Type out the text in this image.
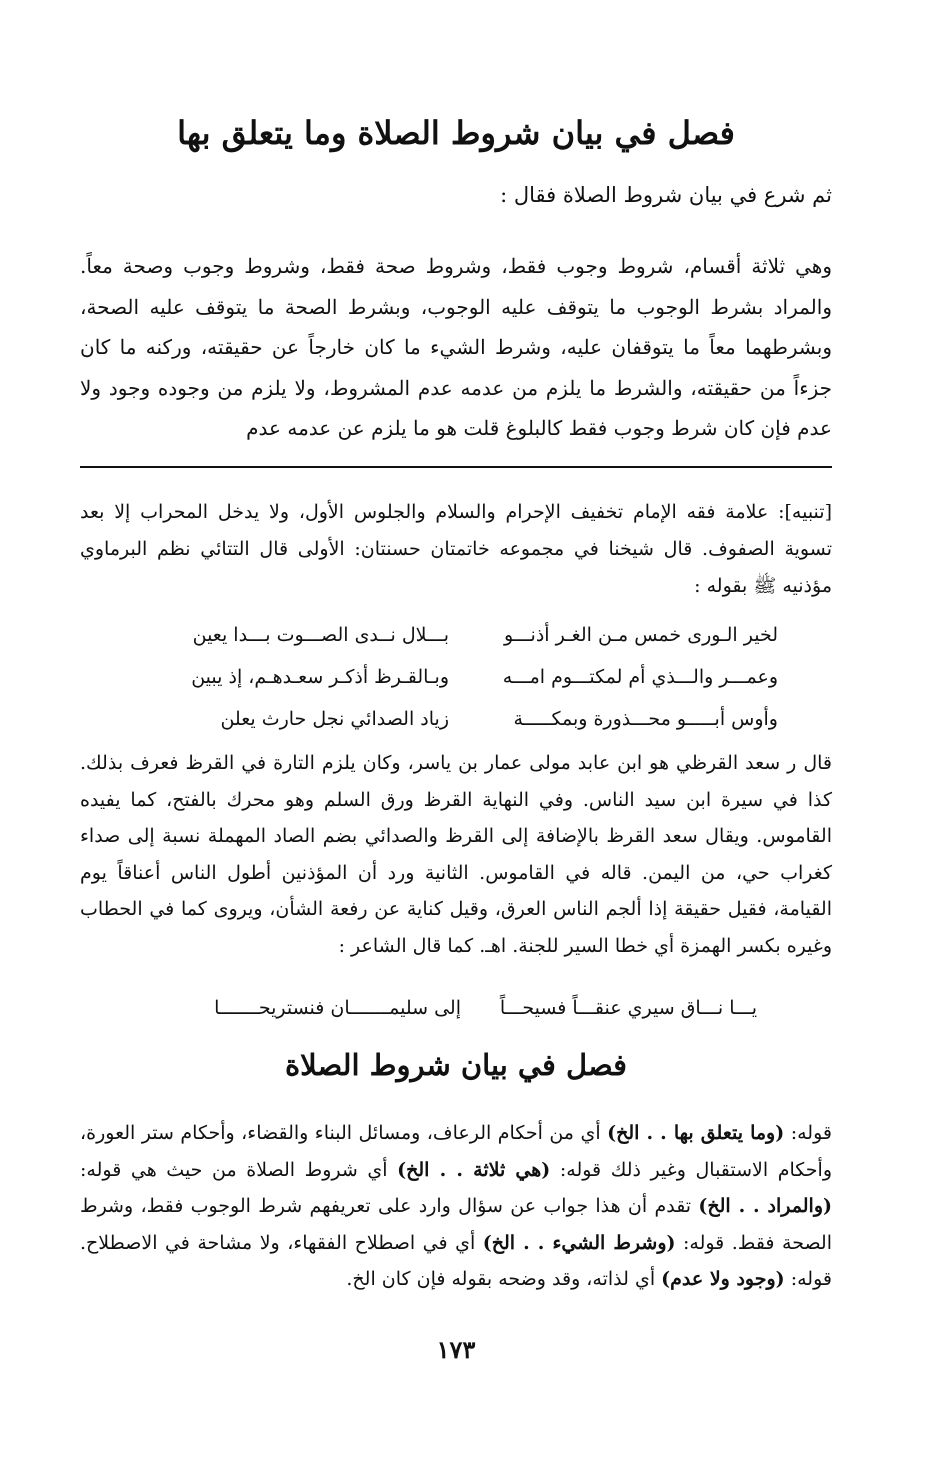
فصل في بيان شروط الصلاة وما يتعلق بها

ثم شرع في بيان شروط الصلاة فقال :

وهي ثلاثة أقسام، شروط وجوب فقط، وشروط صحة فقط، وشروط وجوب وصحة معاً. والمراد بشرط الوجوب ما يتوقف عليه الوجوب، وبشرط الصحة ما يتوقف عليه الصحة، وبشرطهما معاً ما يتوقفان عليه، وشرط الشيء ما كان خارجاً عن حقيقته، وركنه ما كان جزءاً من حقيقته، والشرط ما يلزم من عدمه عدم المشروط، ولا يلزم من وجوده وجود ولا عدم فإن كان شرط وجوب فقط كالبلوغ قلت هو ما يلزم عن عدمه عدم

[تنبيه]: علامة فقه الإمام تخفيف الإحرام والسلام والجلوس الأول، ولا يدخل المحراب إلا بعد تسوية الصفوف. قال شيخنا في مجموعه خاتمتان حسنتان: الأولى قال التتائي نظم البرماوي مؤذنيه ﷺ بقوله :

لخير الـورى خمس مـن الغـر أذنـــو
بـــلال نــدى الصـــوت بـــدا يعين
وعمـــر والـــذي أم لمكتـــوم امـــه
وبـالقـرظ أذكـر سعـدهـم، إذ يبين
وأوس أبـــــو محـــذورة وبمكـــــة
زياد الصدائي نجل حارث يعلن

قال ر سعد القرظي هو ابن عابد مولى عمار بن ياسر، وكان يلزم التارة في القرظ فعرف بذلك. كذا في سيرة ابن سيد الناس. وفي النهاية القرظ ورق السلم وهو محرك بالفتح، كما يفيده القاموس. ويقال سعد القرظ بالإضافة إلى القرظ والصدائي بضم الصاد المهملة نسبة إلى صداء كغراب حي، من اليمن. قاله في القاموس. الثانية ورد أن المؤذنين أطول الناس أعناقاً يوم القيامة، فقيل حقيقة إذا ألجم الناس العرق، وقيل كناية عن رفعة الشأن، ويروى كما في الحطاب وغيره بكسر الهمزة أي خطا السير للجنة. اهـ. كما قال الشاعر :

يـــا نـــاق سيري عنقـــاً فسيحـــاً
إلى سليمـــــــان فنستريحـــــــا
فصل في بيان شروط الصلاة

قوله: (وما يتعلق بها . . الخ) أي من أحكام الرعاف، ومسائل البناء والقضاء، وأحكام ستر العورة، وأحكام الاستقبال وغير ذلك قوله: (هي ثلاثة . . الخ) أي شروط الصلاة من حيث هي قوله: (والمراد . . الخ) تقدم أن هذا جواب عن سؤال وارد على تعريفهم شرط الوجوب فقط، وشرط الصحة فقط. قوله: (وشرط الشيء . . الخ) أي في اصطلاح الفقهاء، ولا مشاحة في الاصطلاح. قوله: (وجود ولا عدم) أي لذاته، وقد وضحه بقوله فإن كان الخ.

١٧٣
